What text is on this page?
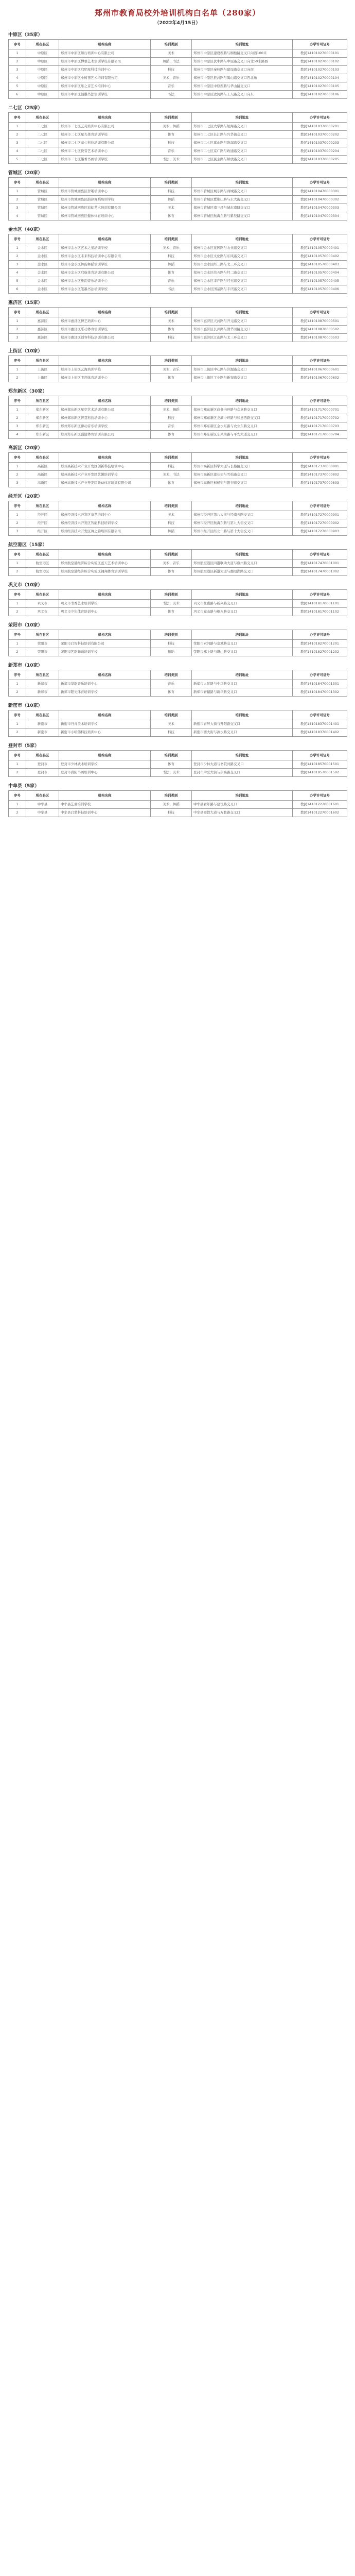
郑州市教育局校外培训机构白名单（280家）
（2022年4月15日）
中原区（35家）
序号	所在县区	机构名称	培训类别	培训地址	办学许可证号
1	中原区	郑州市中原区知行培训中心有限公司	美术	郑州市中原区建设西路与桐柏路交叉口向西100米	教民141010270000101
2	中原区	郑州市中原区博雅艺术培训学校有限公司	舞蹈、书法	郑州市中原区伏牛路与中原路交叉口向北50米路西	教民141010270000102
3	中原区	郑州市中原区启明星科技培训中心	科技	郑州市中原区秦岭路与建设路交叉口向南	教民141010270000103
4	中原区	郑州市中原区小树苗艺术培训有限公司	美术、音乐	郑州市中原区淮河路与嵩山路交叉口西北角	教民141010270000104
5	中原区	郑州市中原区乐之音艺术培训中心	音乐	郑州市中原区中原西路与华山路交叉口	教民141010270000105
6	中原区	郑州市中原区翰墨书法培训学校	书法	郑州市中原区汝河路与工人路交叉口向东	教民141010270000106
二七区（25家）
序号	所在县区	机构名称	培训类别	培训地址	办学许可证号
1	二七区	郑州市二七区艺苑培训中心有限公司	美术、舞蹈	郑州市二七区大学路与航海路交叉口	教民141010370000201
2	二七区	郑州市二七区星光体育培训学校	体育	郑州市二七区长江路与兴华街交叉口	教民141010370000202
3	二七区	郑州市二七区童心科技培训有限公司	科技	郑州市二七区嵩山路与陇海路交叉口	教民141010370000203
4	二七区	郑州市二七区悦音艺术培训中心	音乐	郑州市二七区京广路与政通路交叉口	教民141010370000204
5	二七区	郑州市二七区墨香书画培训学校	书法、美术	郑州市二七区民主路与解放路交叉口	教民141010370000205
管城区（20家）
序号	所在县区	机构名称	培训类别	培训地址	办学许可证号
1	管城区	郑州市管城回族区智趣培训中心	科技	郑州市管城区城东路与商城路交叉口	教民141010470000301
2	管城区	郑州市管城回族区韵律舞蹈培训学校	舞蹈	郑州市管城区紫荆山路与东大街交叉口	教民141010470000302
3	管城区	郑州市管城回族区彩虹艺术培训有限公司	美术	郑州市管城区南三环与城东南路交叉口	教民141010470000303
4	管城区	郑州市管城回族区健体体育培训中心	体育	郑州市管城区航海东路与紫辰路交叉口	教民141010470000304
金水区（40家）
序号	所在县区	机构名称	培训类别	培训地址	办学许可证号
1	金水区	郑州市金水区艺术之星培训学校	美术、音乐	郑州市金水区花园路与农业路交叉口	教民141010570000401
2	金水区	郑州市金水区未来科技培训中心有限公司	科技	郑州市金水区文化路与东风路交叉口	教民141010570000402
3	金水区	郑州市金水区舞韵舞蹈培训学校	舞蹈	郑州市金水区经三路与北三环交叉口	教民141010570000403
4	金水区	郑州市金水区启航体育培训有限公司	体育	郑州市金水区纬五路与经二路交叉口	教民141010570000404
5	金水区	郑州市金水区雅韵音乐培训中心	音乐	郑州市金水区丰产路与经五路交叉口	教民141010570000405
6	金水区	郑州市金水区笔墨书法培训学校	书法	郑州市金水区国基路与丰庆路交叉口	教民141010570000406
惠济区（15家）
序号	所在县区	机构名称	培训类别	培训地址	办学许可证号
1	惠济区	郑州市惠济区博艺培训中心	美术	郑州市惠济区天河路与开元路交叉口	教民141010870000501
2	惠济区	郑州市惠济区乐动体育培训学校	体育	郑州市惠济区长兴路与清华园路交叉口	教民141010870000502
3	惠济区	郑州市惠济区创客科技培训有限公司	科技	郑州市惠济区江山路与北三环交叉口	教民141010870000503
上街区（10家）
序号	所在县区	机构名称	培训类别	培训地址	办学许可证号
1	上街区	郑州市上街区艺海培训学校	美术、音乐	郑州市上街区中心路与济源路交叉口	教民141010670000601
2	上街区	郑州市上街区飞翔体育培训中心	体育	郑州市上街区工业路与新安路交叉口	教民141010670000602
郑东新区（30家）
序号	所在县区	机构名称	培训类别	培训地址	办学许可证号
1	郑东新区	郑州郑东新区星空艺术培训有限公司	美术、舞蹈	郑州市郑东新区商务内环路与众意路交叉口	教民141017170000701
2	郑东新区	郑州郑东新区智慧科技培训中心	科技	郑州市郑东新区龙湖中环路与如意西路交叉口	教民141017170000702
3	郑东新区	郑州郑东新区律动音乐培训学校	音乐	郑州市郑东新区金水东路与农业东路交叉口	教民141017170000703
4	郑东新区	郑州郑东新区强健体育培训有限公司	体育	郑州市郑东新区东风南路与平安大道交叉口	教民141017170000704
高新区（20家）
序号	所在县区	机构名称	培训类别	培训地址	办学许可证号
1	高新区	郑州高新技术产业开发区创新科技培训中心	科技	郑州市高新区科学大道与长椿路交叉口	教民141017370000801
2	高新区	郑州高新技术产业开发区艺馨培训学校	美术、书法	郑州市高新区莲花街与雪松路交叉口	教民141017370000802
3	高新区	郑州高新技术产业开发区跃动体育培训有限公司	体育	郑州市高新区枫杨街与银杏路交叉口	教民141017370000803
经开区（20家）
序号	所在县区	机构名称	培训类别	培训地址	办学许可证号
1	经开区	郑州经济技术开发区童艺培训中心	美术	郑州市经开区第八大街与经南五路交叉口	教民141017270000901
2	经开区	郑州经济技术开发区智能科技培训学校	科技	郑州市经开区航海东路与第九大街交叉口	教民141017270000902
3	经开区	郑州经济技术开发区舞之韵培训有限公司	舞蹈	郑州市经开区经北一路与第十大街交叉口	教民141017270000903
航空港区（15家）
序号	所在县区	机构名称	培训类别	培训地址	办学许可证号
1	航空港区	郑州航空港经济综合实验区蓝天艺术培训中心	美术、音乐	郑州航空港区四港联动大道与雍州路交叉口	教民141017470001001
2	航空港区	郑州航空港经济综合实验区翱翔体育培训学校	体育	郑州航空港区新港大道与鄱阳湖路交叉口	教民141017470001002
巩义市（10家）
序号	所在县区	机构名称	培训类别	培训地址	办学许可证号
1	巩义市	巩义市书香艺术培训学校	书法、美术	巩义市杜甫路与新兴路交叉口	教民141018170001101
2	巩义市	巩义市少年体育培训中心	体育	巩义市嵩山路与桐本路交叉口	教民141018170001102
荥阳市（10家）
序号	所在县区	机构名称	培训类别	培训地址	办学许可证号
1	荥阳市	荥阳市启智科技培训有限公司	科技	荥阳市索河路与京城路交叉口	教民141018270001201
2	荥阳市	荥阳市艺韵舞蹈培训学校	舞蹈	荥阳市郑上路与塔山路交叉口	教民141018270001202
新郑市（10家）
序号	所在县区	机构名称	培训类别	培训地址	办学许可证号
1	新郑市	新郑市华韵音乐培训中心	音乐	新郑市人民路与中华路交叉口	教民141018470001301
2	新郑市	新郑市阳光体育培训学校	体育	新郑市轩辕路与新华路交叉口	教民141018470001302
新密市（10家）
序号	所在县区	机构名称	培训类别	培训地址	办学许可证号
1	新密市	新密市丹青美术培训学校	美术	新密市青屏大街与开阳路交叉口	教民141018370001401
2	新密市	新密市小哈佛科技培训中心	科技	新密市西大街与溱水路交叉口	教民141018370001402
登封市（5家）
序号	所在县区	机构名称	培训类别	培训地址	办学许可证号
1	登封市	登封市少林武术培训学校	体育	登封市少林大道与书院河路交叉口	教民141018570001501
2	登封市	登封市嵩阳书画培训中心	书法、美术	登封市中岳大街与崇高路交叉口	教民141018570001502
中牟县（5家）
序号	所在县区	机构名称	培训类别	培训地址	办学许可证号
1	中牟县	中牟县艺童培训学校	美术、舞蹈	中牟县青年路与建设路交叉口	教民141012270001601
2	中牟县	中牟县启蒙科技培训中心	科技	中牟县商都大道与万胜路交叉口	教民141012270001602
